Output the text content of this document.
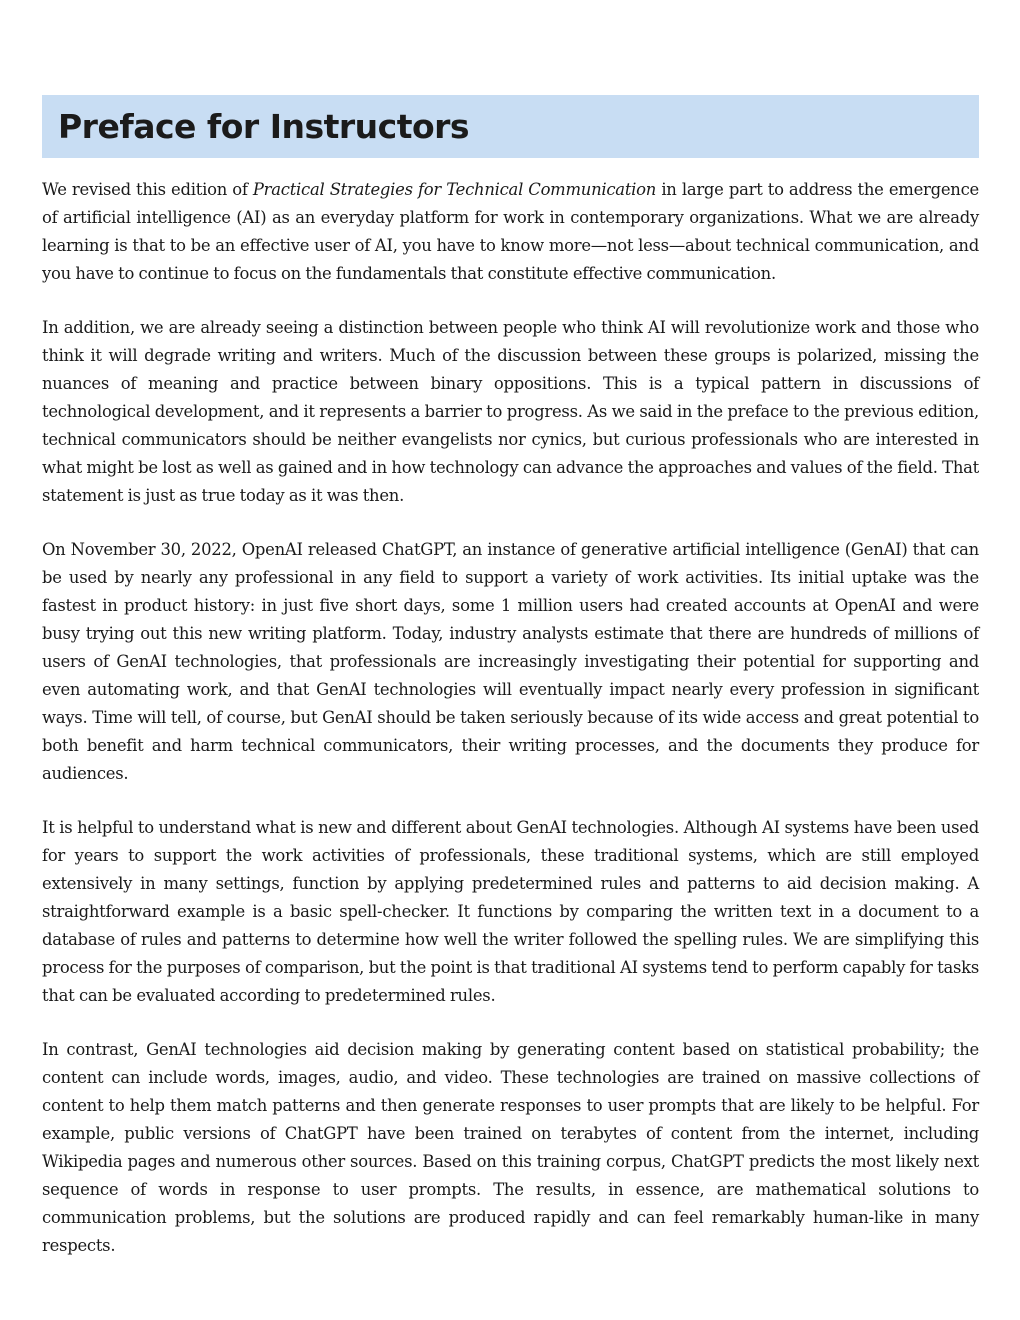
Preface for Instructors

We revised this edition of Practical Strategies for Technical Communication in large part to address the emergence of artificial intelligence (AI) as an everyday platform for work in contemporary organizations. What we are already learning is that to be an effective user of AI, you have to know more—not less—about technical communication, and you have to continue to focus on the fundamentals that constitute effective communication.

In addition, we are already seeing a distinction between people who think AI will revolutionize work and those who think it will degrade writing and writers. Much of the discussion between these groups is polarized, missing the nuances of meaning and practice between binary oppositions. This is a typical pattern in discussions of technological development, and it represents a barrier to progress. As we said in the preface to the previous edition, technical communicators should be neither evangelists nor cynics, but curious professionals who are interested in what might be lost as well as gained and in how technology can advance the approaches and values of the field. That statement is just as true today as it was then.

On November 30, 2022, OpenAI released ChatGPT, an instance of generative artificial intelligence (GenAI) that can be used by nearly any professional in any field to support a variety of work activities. Its initial uptake was the fastest in product history: in just five short days, some 1 million users had created accounts at OpenAI and were busy trying out this new writing platform. Today, industry analysts estimate that there are hundreds of millions of users of GenAI technologies, that professionals are increasingly investigating their potential for supporting and even automating work, and that GenAI technologies will eventually impact nearly every profession in significant ways. Time will tell, of course, but GenAI should be taken seriously because of its wide access and great potential to both benefit and harm technical communicators, their writing processes, and the documents they produce for audiences.

It is helpful to understand what is new and different about GenAI technologies. Although AI systems have been used for years to support the work activities of professionals, these traditional systems, which are still employed extensively in many settings, function by applying predetermined rules and patterns to aid decision making. A straightforward example is a basic spell-checker. It functions by comparing the written text in a document to a database of rules and patterns to determine how well the writer followed the spelling rules. We are simplifying this process for the purposes of comparison, but the point is that traditional AI systems tend to perform capably for tasks that can be evaluated according to predetermined rules.

In contrast, GenAI technologies aid decision making by generating content based on statistical probability; the content can include words, images, audio, and video. These technologies are trained on massive collections of content to help them match patterns and then generate responses to user prompts that are likely to be helpful. For example, public versions of ChatGPT have been trained on terabytes of content from the internet, including Wikipedia pages and numerous other sources. Based on this training corpus, ChatGPT predicts the most likely next sequence of words in response to user prompts. The results, in essence, are mathematical solutions to communication problems, but the solutions are produced rapidly and can feel remarkably human-like in many respects.
